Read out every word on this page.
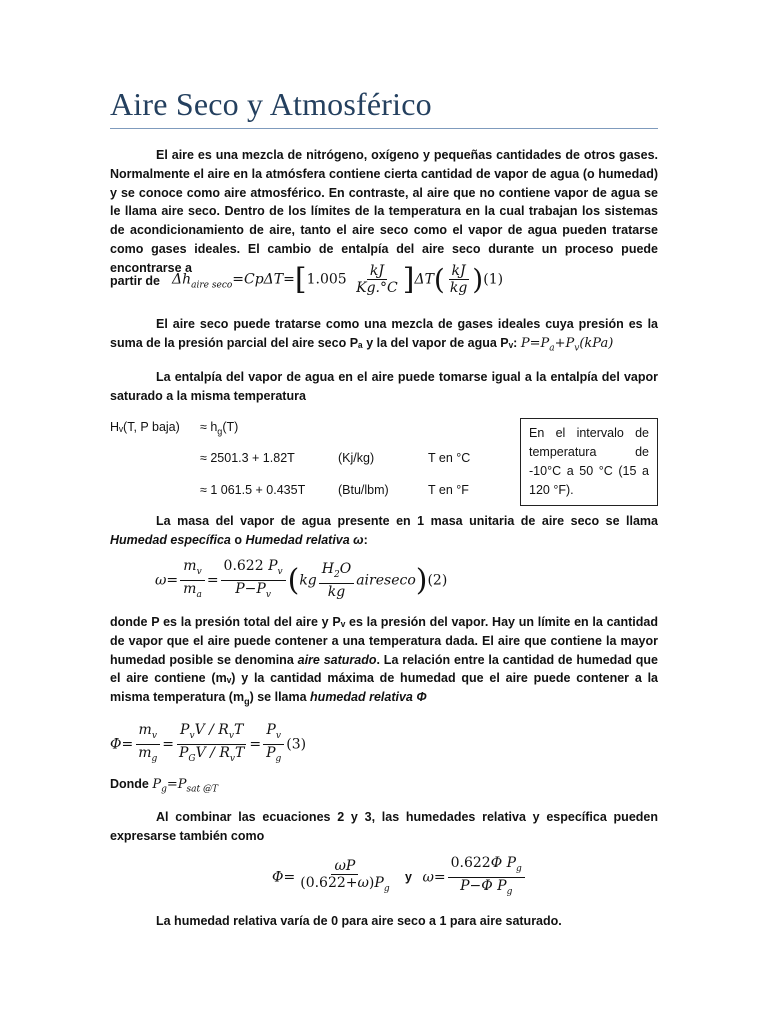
Aire Seco y Atmosférico
El aire es una mezcla de nitrógeno, oxígeno y pequeñas cantidades de otros gases. Normalmente el aire en la atmósfera contiene cierta cantidad de vapor de agua (o humedad) y se conoce como aire atmosférico. En contraste, al aire que no contiene vapor de agua se le llama aire seco. Dentro de los límites de la temperatura en la cual trabajan los sistemas de acondicionamiento de aire, tanto el aire seco como el vapor de agua pueden tratarse como gases ideales. El cambio de entalpía del aire seco durante un proceso puede encontrarse a
partir de $\Delta h_{aire seco}=Cp\Delta T=[1.005 \frac{kJ}{Kg.^\circ C} ]\Delta T( \frac{kJ}{kg} )(1)$
El aire seco puede tratarse como una mezcla de gases ideales cuya presión es la suma de la presión parcial del aire seco Pₐ y la del vapor de agua Pᵥ: $P=P_a+P_v(kPa)$
La entalpía del vapor de agua en el aire puede tomarse igual a la entalpía del vapor saturado a la misma temperatura
Hᵥ(T, P baja) ≈ $h_g(T)$
≈ 2501.3 + 1.82T	(Kj/kg)	T en °C
≈ 1 061.5 + 0.435T	(Btu/lbm)	T en °F
En el intervalo de temperatura de -10°C a 50 °C (15 a 120 °F).
La masa del vapor de agua presente en 1 masa unitaria de aire seco se llama Humedad específica o Humedad relativa ω:
$\omega= \frac{m_v}{m_a} = \frac{0.622 P_v}{P-P_v} (kg \frac{H_2O}{kg}$ aireseco)(2)
donde P es la presión total del aire y Pᵥ es la presión del vapor. Hay un límite en la cantidad de vapor que el aire puede contener a una temperatura dada. El aire que contiene la mayor humedad posible se denomina aire saturado. La relación entre la cantidad de humedad que el aire contiene (mᵥ) y la cantidad máxima de humedad que el aire puede contener a la misma temperatura $(m_g)$ se llama humedad relativa Φ
$\Phi= \frac{m_v}{m_g} = \frac{P_vV / R_vT}{P_GV / R_vT} = \frac{P_v}{P_g} (3)$
Donde $P_g=P_{sat @T}$
Al combinar las ecuaciones 2 y 3, las humedades relativa y específica pueden expresarse también como
$\Phi= \frac{\omega P}{(0.622+\omega)P_g}$ y $\omega= \frac{0.622\Phi P_g}{P-\Phi P_g}$
La humedad relativa varía de 0 para aire seco a 1 para aire saturado.
